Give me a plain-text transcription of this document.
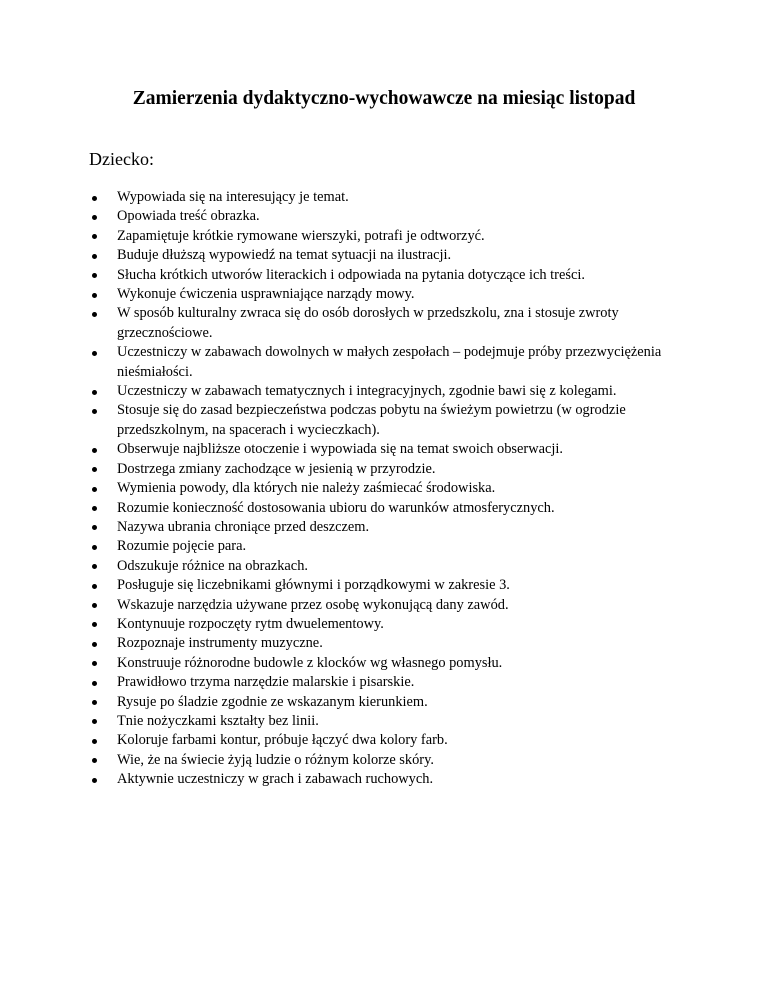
Zamierzenia dydaktyczno-wychowawcze na miesiąc listopad

Dziecko:

Wypowiada się na interesujący je temat.
Opowiada treść obrazka.
Zapamiętuje krótkie rymowane wierszyki, potrafi je odtworzyć.
Buduje dłuższą wypowiedź na temat sytuacji na ilustracji.
Słucha krótkich utworów literackich i odpowiada na pytania dotyczące ich treści.
Wykonuje ćwiczenia usprawniające narządy mowy.
W sposób kulturalny zwraca się do osób dorosłych w przedszkolu, zna i stosuje zwroty grzecznościowe.
Uczestniczy w zabawach dowolnych w małych zespołach – podejmuje próby przezwyciężenia nieśmiałości.
Uczestniczy w zabawach tematycznych i integracyjnych, zgodnie bawi się z kolegami.
Stosuje się do zasad bezpieczeństwa podczas pobytu na świeżym powietrzu (w ogrodzie przedszkolnym, na spacerach i wycieczkach).
Obserwuje najbliższe otoczenie i wypowiada się na temat swoich obserwacji.
Dostrzega zmiany zachodzące w jesienią w przyrodzie.
Wymienia powody, dla których nie należy zaśmiecać środowiska.
Rozumie konieczność dostosowania ubioru do warunków atmosferycznych.
Nazywa ubrania chroniące przed deszczem.
Rozumie pojęcie para.
Odszukuje różnice na obrazkach.
Posługuje się liczebnikami głównymi i porządkowymi w zakresie 3.
Wskazuje narzędzia używane przez osobę wykonującą dany zawód.
Kontynuuje rozpoczęty rytm dwuelementowy.
Rozpoznaje instrumenty muzyczne.
Konstruuje różnorodne budowle z klocków wg własnego pomysłu.
Prawidłowo trzyma narzędzie malarskie i pisarskie.
Rysuje po śladzie zgodnie ze wskazanym kierunkiem.
Tnie nożyczkami kształty bez linii.
Koloruje farbami kontur, próbuje łączyć dwa kolory farb.
Wie, że na świecie żyją ludzie o różnym kolorze skóry.
Aktywnie uczestniczy w grach i zabawach ruchowych.
